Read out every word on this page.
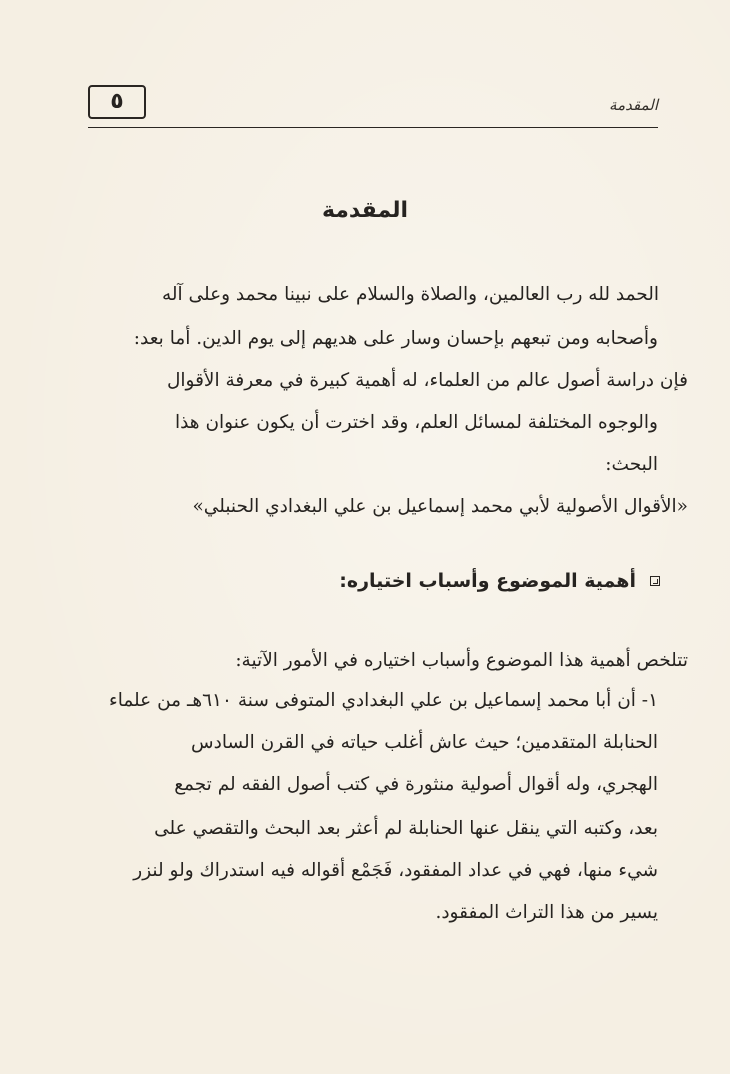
٥	المقدمة
المقدمة
الحمد لله رب العالمين، والصلاة والسلام على نبينا محمد وعلى آله
وأصحابه ومن تبعهم بإحسان وسار على هديهم إلى يوم الدين. أما بعد:
فإن دراسة أصول عالم من العلماء، له أهمية كبيرة في معرفة الأقوال
والوجوه المختلفة لمسائل العلم، وقد اخترت أن يكون عنوان هذا
البحث:
«الأقوال الأصولية لأبي محمد إسماعيل بن علي البغدادي الحنبلي»
أهمية الموضوع وأسباب اختياره:
تتلخص أهمية هذا الموضوع وأسباب اختياره في الأمور الآتية:
١- أن أبا محمد إسماعيل بن علي البغدادي المتوفى سنة ٦١٠هـ من علماء
الحنابلة المتقدمين؛ حيث عاش أغلب حياته في القرن السادس
الهجري، وله أقوال أصولية منثورة في كتب أصول الفقه لم تجمع
بعد، وكتبه التي ينقل عنها الحنابلة لم أعثر بعد البحث والتقصي على
شيء منها، فهي في عداد المفقود، فَجَمْع أقواله فيه استدراك ولو لنزر
يسير من هذا التراث المفقود.
